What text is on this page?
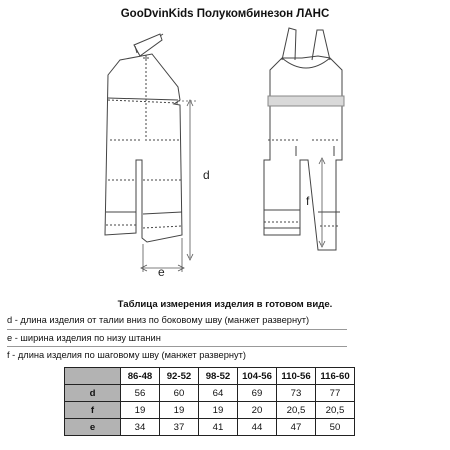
GooDvinKids Полукомбинезон ЛАНС
d
e
f
Таблица измерения изделия в готовом виде.
d - длина изделия от талии вниз по боковому шву (манжет развернут)
e - ширина изделия по низу штанин
f - длина изделия по шаговому шву (манжет развернут)
	86-48	92-52	98-52	104-56	110-56	116-60
d	56	60	64	69	73	77
f	19	19	19	20	20,5	20,5
e	34	37	41	44	47	50
